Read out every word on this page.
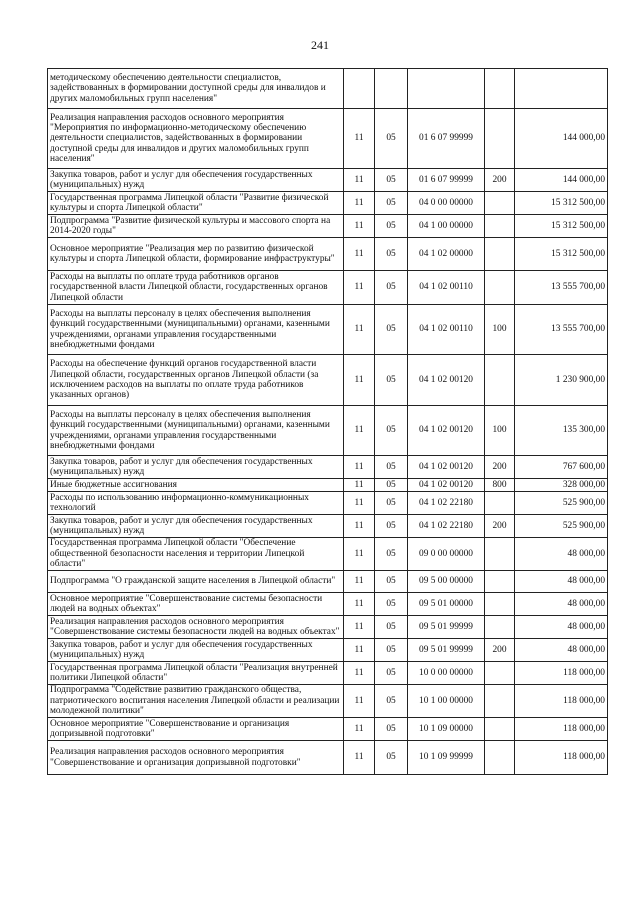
241
методическому обеспечению деятельности специалистов, задействованных в формировании доступной среды для инвалидов и других маломобильных групп населения"					
Реализация направления расходов основного мероприятия "Мероприятия по информационно-методическому обеспечению деятельности специалистов, задействованных в формировании доступной среды для инвалидов и других маломобильных групп населения"	11	05	01 6 07 99999		144 000,00
Закупка товаров, работ и услуг для обеспечения государственных (муниципальных) нужд	11	05	01 6 07 99999	200	144 000,00
Государственная программа Липецкой области "Развитие физической культуры и спорта Липецкой области"	11	05	04 0 00 00000		15 312 500,00
Подпрограмма "Развитие физической культуры и массового спорта на 2014-2020 годы"	11	05	04 1 00 00000		15 312 500,00
Основное мероприятие "Реализация мер по развитию физической культуры и спорта Липецкой области, формирование инфраструктуры"	11	05	04 1 02 00000		15 312 500,00
Расходы на выплаты по оплате труда работников органов государственной власти Липецкой области, государственных органов Липецкой области	11	05	04 1 02 00110		13 555 700,00
Расходы на выплаты персоналу в целях обеспечения выполнения функций государственными (муниципальными) органами, казенными учреждениями, органами управления государственными внебюджетными фондами	11	05	04 1 02 00110	100	13 555 700,00
Расходы на обеспечение функций органов государственной власти Липецкой области, государственных органов Липецкой области (за исключением расходов на выплаты по оплате труда работников указанных органов)	11	05	04 1 02 00120		1 230 900,00
Расходы на выплаты персоналу в целях обеспечения выполнения функций государственными (муниципальными) органами, казенными учреждениями, органами управления государственными внебюджетными фондами	11	05	04 1 02 00120	100	135 300,00
Закупка товаров, работ и услуг для обеспечения государственных (муниципальных) нужд	11	05	04 1 02 00120	200	767 600,00
Иные бюджетные ассигнования	11	05	04 1 02 00120	800	328 000,00
Расходы по использованию информационно-коммуникационных технологий	11	05	04 1 02 22180		525 900,00
Закупка товаров, работ и услуг для обеспечения государственных (муниципальных) нужд	11	05	04 1 02 22180	200	525 900,00
Государственная программа Липецкой области "Обеспечение общественной безопасности населения и территории Липецкой области"	11	05	09 0 00 00000		48 000,00
Подпрограмма "О гражданской защите населения в Липецкой области"	11	05	09 5 00 00000		48 000,00
Основное мероприятие "Совершенствование системы безопасности людей на водных объектах"	11	05	09 5 01 00000		48 000,00
Реализация направления расходов основного мероприятия "Совершенствование системы безопасности людей на водных объектах"	11	05	09 5 01 99999		48 000,00
Закупка товаров, работ и услуг для обеспечения государственных (муниципальных) нужд	11	05	09 5 01 99999	200	48 000,00
Государственная программа Липецкой области "Реализация внутренней политики Липецкой области"	11	05	10 0 00 00000		118 000,00
Подпрограмма "Содействие развитию гражданского общества, патриотического воспитания населения Липецкой области и реализации молодежной политики"	11	05	10 1 00 00000		118 000,00
Основное мероприятие "Совершенствование и организация допризывной подготовки"	11	05	10 1 09 00000		118 000,00
Реализация направления расходов основного мероприятия "Совершенствование и организация допризывной подготовки"	11	05	10 1 09 99999		118 000,00
